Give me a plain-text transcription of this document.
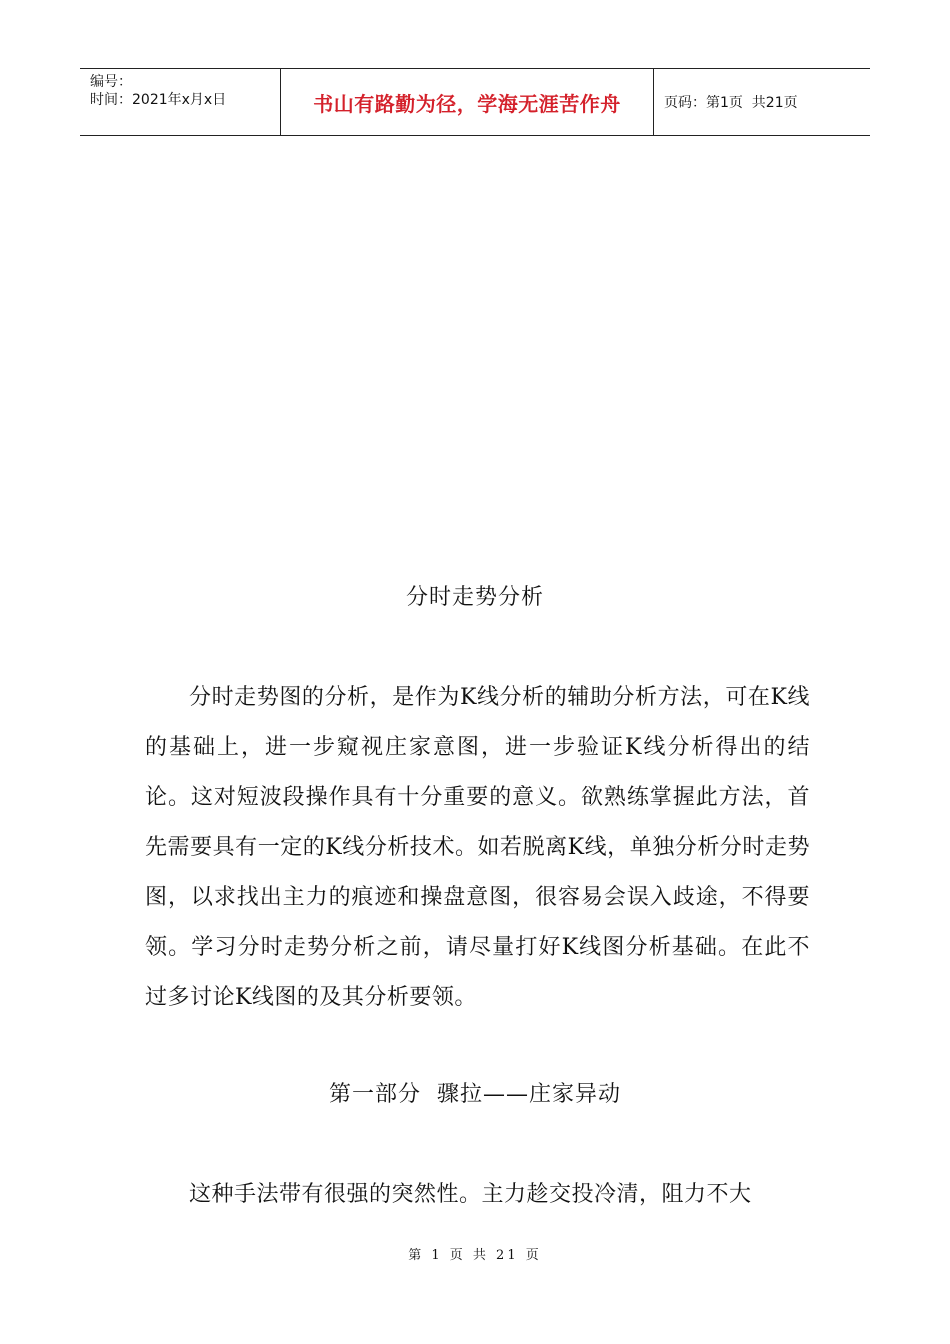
编号：
时间：2021年x月x日	书山有路勤为径，学海无涯苦作舟	页码：第1页  共21页
分时走势分析

分时走势图的分析，是作为K线分析的辅助分析方法，可在K线的基础上，进一步窥视庄家意图，进一步验证K线分析得出的结论。这对短波段操作具有十分重要的意义。欲熟练掌握此方法，首先需要具有一定的K线分析技术。如若脱离K线，单独分析分时走势图，以求找出主力的痕迹和操盘意图，很容易会误入歧途，不得要领。学习分时走势分析之前，请尽量打好K线图分析基础。在此不过多讨论K线图的及其分析要领。

第一部分  骤拉——庄家异动

这种手法带有很强的突然性。主力趁交投冷清，阻力不大

第 1 页 共 21 页
